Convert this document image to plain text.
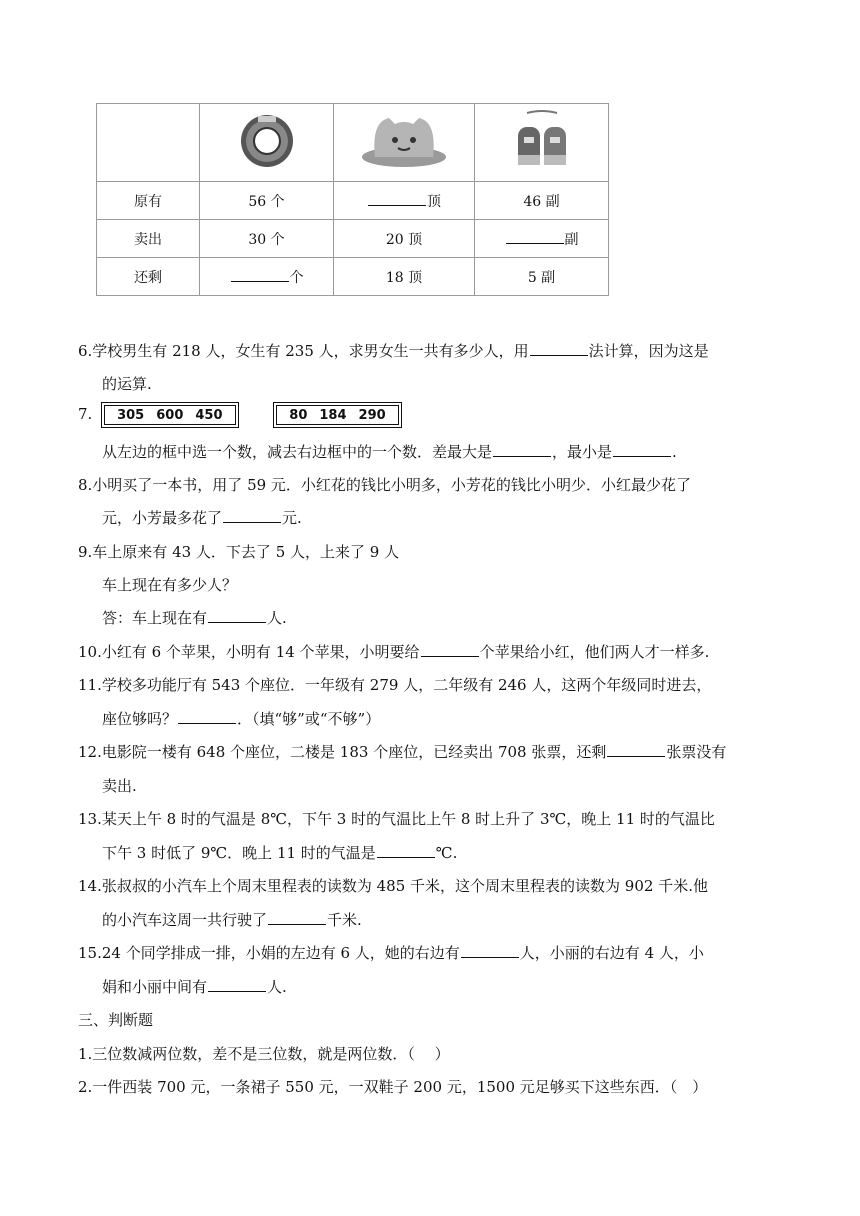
原有	56 个	顶	46 副
卖出	30 个	20 顶	副
还剩	个	18 顶	5 副
6.学校男生有 218 人，女生有 235 人，求男女生一共有多少人，用	法计算，因为这是
的运算.
7. 305 600 450	80 184 290
从左边的框中选一个数，减去右边框中的一个数．差最大是	，最小是	.
8.小明买了一本书，用了 59 元．小红花的钱比小明多，小芳花的钱比小明少．小红最少花了
元，小芳最多花了	元.
9.车上原来有 43 人．下去了 5 人，上来了 9 人
车上现在有多少人？
答：车上现在有	人.
10.小红有 6 个苹果，小明有 14 个苹果，小明要给	个苹果给小红，他们两人才一样多.
11.学校多功能厅有 543 个座位．一年级有 279 人，二年级有 246 人，这两个年级同时进去，
座位够吗？	．（填“够”或“不够”）
12.电影院一楼有 648 个座位，二楼是 183 个座位，已经卖出 708 张票，还剩	张票没有
卖出.
13.某天上午 8 时的气温是 8℃，下午 3 时的气温比上午 8 时上升了 3℃，晚上 11 时的气温比
下午 3 时低了 9℃．晚上 11 时的气温是	℃.
14.张叔叔的小汽车上个周末里程表的读数为 485 千米，这个周末里程表的读数为 902 千米.他
的小汽车这周一共行驶了	千米.
15.24 个同学排成一排，小娟的左边有 6 人，她的右边有	人，小丽的右边有 4 人，小
娟和小丽中间有	人.
三、判断题
1.三位数减两位数，差不是三位数，就是两位数．（　 ）
2.一件西装 700 元，一条裙子 550 元，一双鞋子 200 元，1500 元足够买下这些东西．（　）
